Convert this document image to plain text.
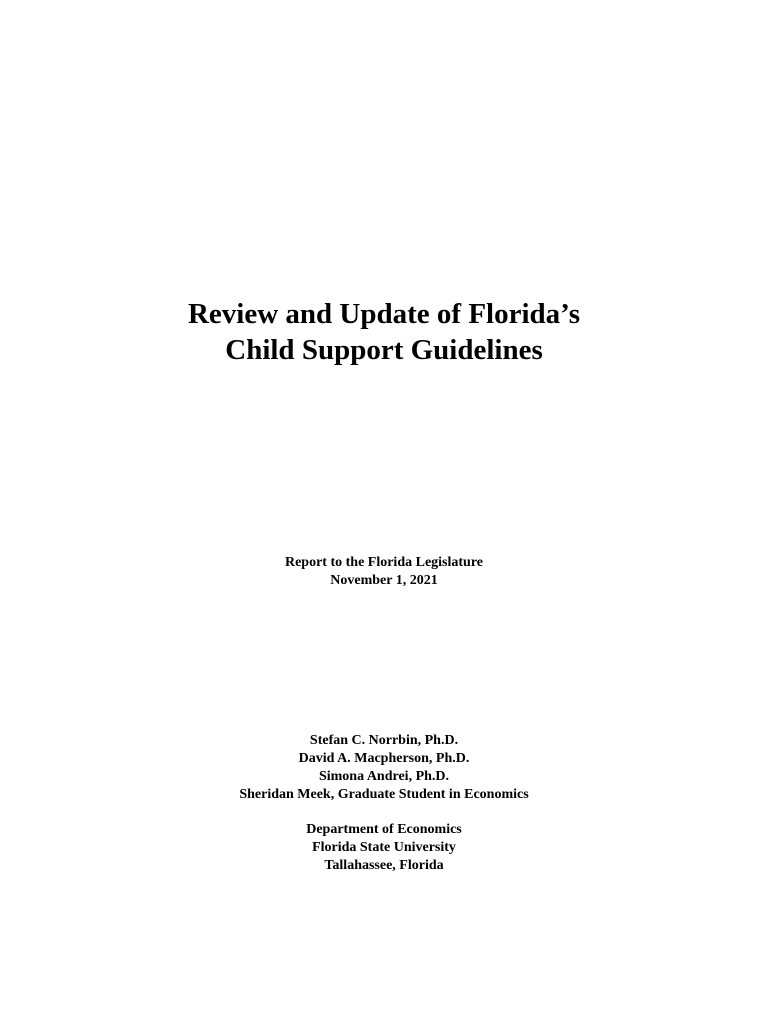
Review and Update of Florida’s
Child Support Guidelines
Report to the Florida Legislature
November 1, 2021
Stefan C. Norrbin, Ph.D.
David A. Macpherson, Ph.D.
Simona Andrei, Ph.D.
Sheridan Meek, Graduate Student in Economics
Department of Economics
Florida State University
Tallahassee, Florida
